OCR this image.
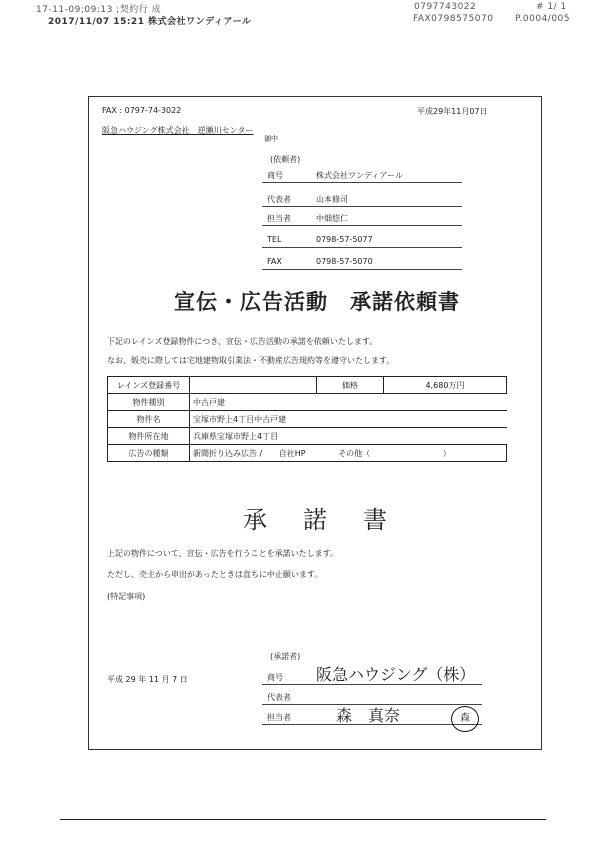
17-11-09;09:13 ;契約行 成	0797743022	# 1/ 1
2017/11/07 15:21 株式会社ワンディアール	FAX0798575070 P.0004/005
FAX : 0797-74-3022	平成29年11月07日
阪急ハウジング株式会社　逆瀬川センター
御中
(依頼者)
商号	株式会社ワンディアール
代表者	山本修司
担当者	中畑悠仁
TEL	0798-57-5077
FAX	0798-57-5070
宣伝・広告活動　承諾依頼書
下記のレインズ登録物件につき、宣伝・広告活動の承諾を依頼いたします。
なお、販売に際しては宅地建物取引業法・不動産広告規約等を遵守いたします。
レインズ登録番号		価格	4,680万円
物件種別	中古戸建		
物件名	宝塚市野上4丁目中古戸建		
物件所在地	兵庫県宝塚市野上4丁目		
広告の種類	新聞折り込み広告 / 自社HP その他（ ）		
承諾書
上記の物件について、宣伝・広告を行うことを承諾いたします。
ただし、売主から申出があったときは直ちに中止願います。
(特記事項)
(承諾者)
平成 29 年 11 月 7 日	商号 阪急ハウジング（株）
代表者
担当者	森　真奈	森
